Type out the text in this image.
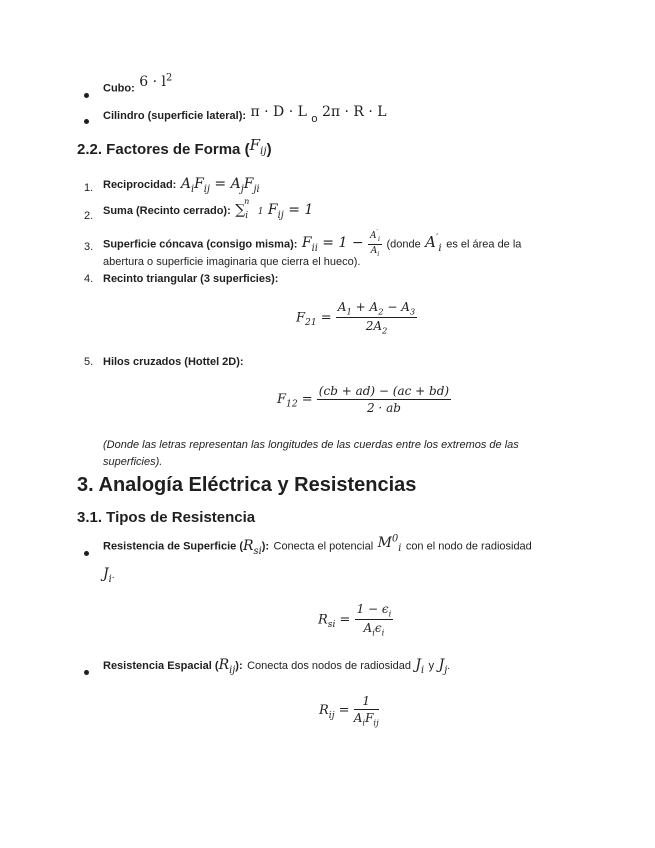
Cubo: $6 \cdot l^2$
Cilindro (superficie lateral): π · D · L o 2π · R · L
2.2. Factores de Forma $(F_{ij})$
1. Reciprocidad: $A_iF_{ij} = A_jF_{ji}$
2. Suma (Recinto cerrado): $\sum_i^n$ 1 $F_{ij} = 1$
3. Superficie cóncava (consigo misma): $F_{ii} = 1 - \frac{A'_i}{A_i}$ (donde $A'_i$ es el área de la
abertura o superficie imaginaria que cierra el hueco).
4. Recinto triangular (3 superficies):
$F_{21} = \frac{A_1 + A_2 - A_3}{2A_2}$
5. Hilos cruzados (Hottel 2D):
$F_{12} = \frac{(cb + ad) - (ac + bd)}{2 \cdot ab}$
(Donde las letras representan las longitudes de las cuerdas entre los extremos de las superficies).
3. Analogía Eléctrica y Resistencias
3.1. Tipos de Resistencia
Resistencia de Superficie $(R_{si})$: Conecta el potencial $M^0_i$ con el nodo de radiosidad
$J_i$.
$R_{si} = \frac{1 - \epsilon_i}{A_i\epsilon_i}$
Resistencia Espacial $(R_{ij})$: Conecta dos nodos de radiosidad $J_i$ y $J_j$.
$R_{ij} = \frac{1}{A_iF_{ij}}$
